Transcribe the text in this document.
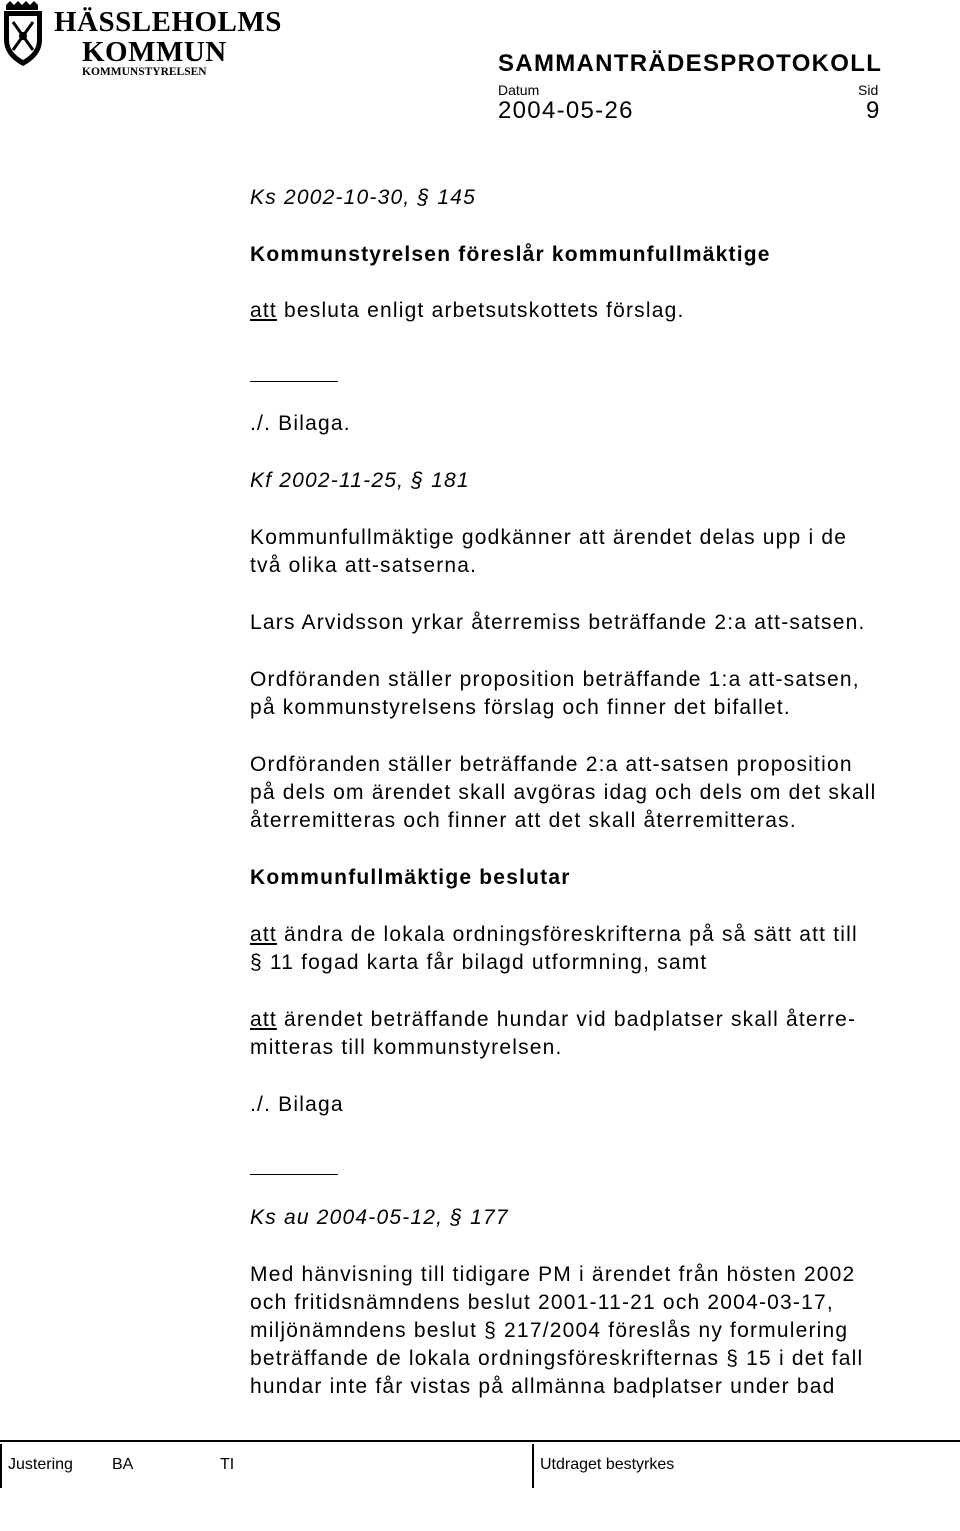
HÄSSLEHOLMS
KOMMUN
KOMMUNSTYRELSEN	SAMMANTRÄDESPROTOKOLL
Datum	Sid
2004-05-26	9
Ks 2002-10-30, § 145
Kommunstyrelsen föreslår kommunfullmäktige
att besluta enligt arbetsutskottets förslag.
./. Bilaga.
Kf 2002-11-25, § 181
Kommunfullmäktige godkänner att ärendet delas upp i de
två olika att-satserna.
Lars Arvidsson yrkar återremiss beträffande 2:a att-satsen.
Ordföranden ställer proposition beträffande 1:a att-satsen,
på kommunstyrelsens förslag och finner det bifallet.
Ordföranden ställer beträffande 2:a att-satsen proposition
på dels om ärendet skall avgöras idag och dels om det skall
återremitteras och finner att det skall återremitteras.
Kommunfullmäktige beslutar
att ändra de lokala ordningsföreskrifterna på så sätt att till
§ 11 fogad karta får bilagd utformning, samt
att ärendet beträffande hundar vid badplatser skall återre-
mitteras till kommunstyrelsen.
./. Bilaga
Ks au 2004-05-12, § 177
Med hänvisning till tidigare PM i ärendet från hösten 2002
och fritidsnämndens beslut 2001-11-21 och 2004-03-17,
miljönämndens beslut § 217/2004 föreslås ny formulering
beträffande de lokala ordningsföreskrifternas § 15 i det fall
hundar inte får vistas på allmänna badplatser under bad
Justering BA	TI	Utdraget bestyrkes
